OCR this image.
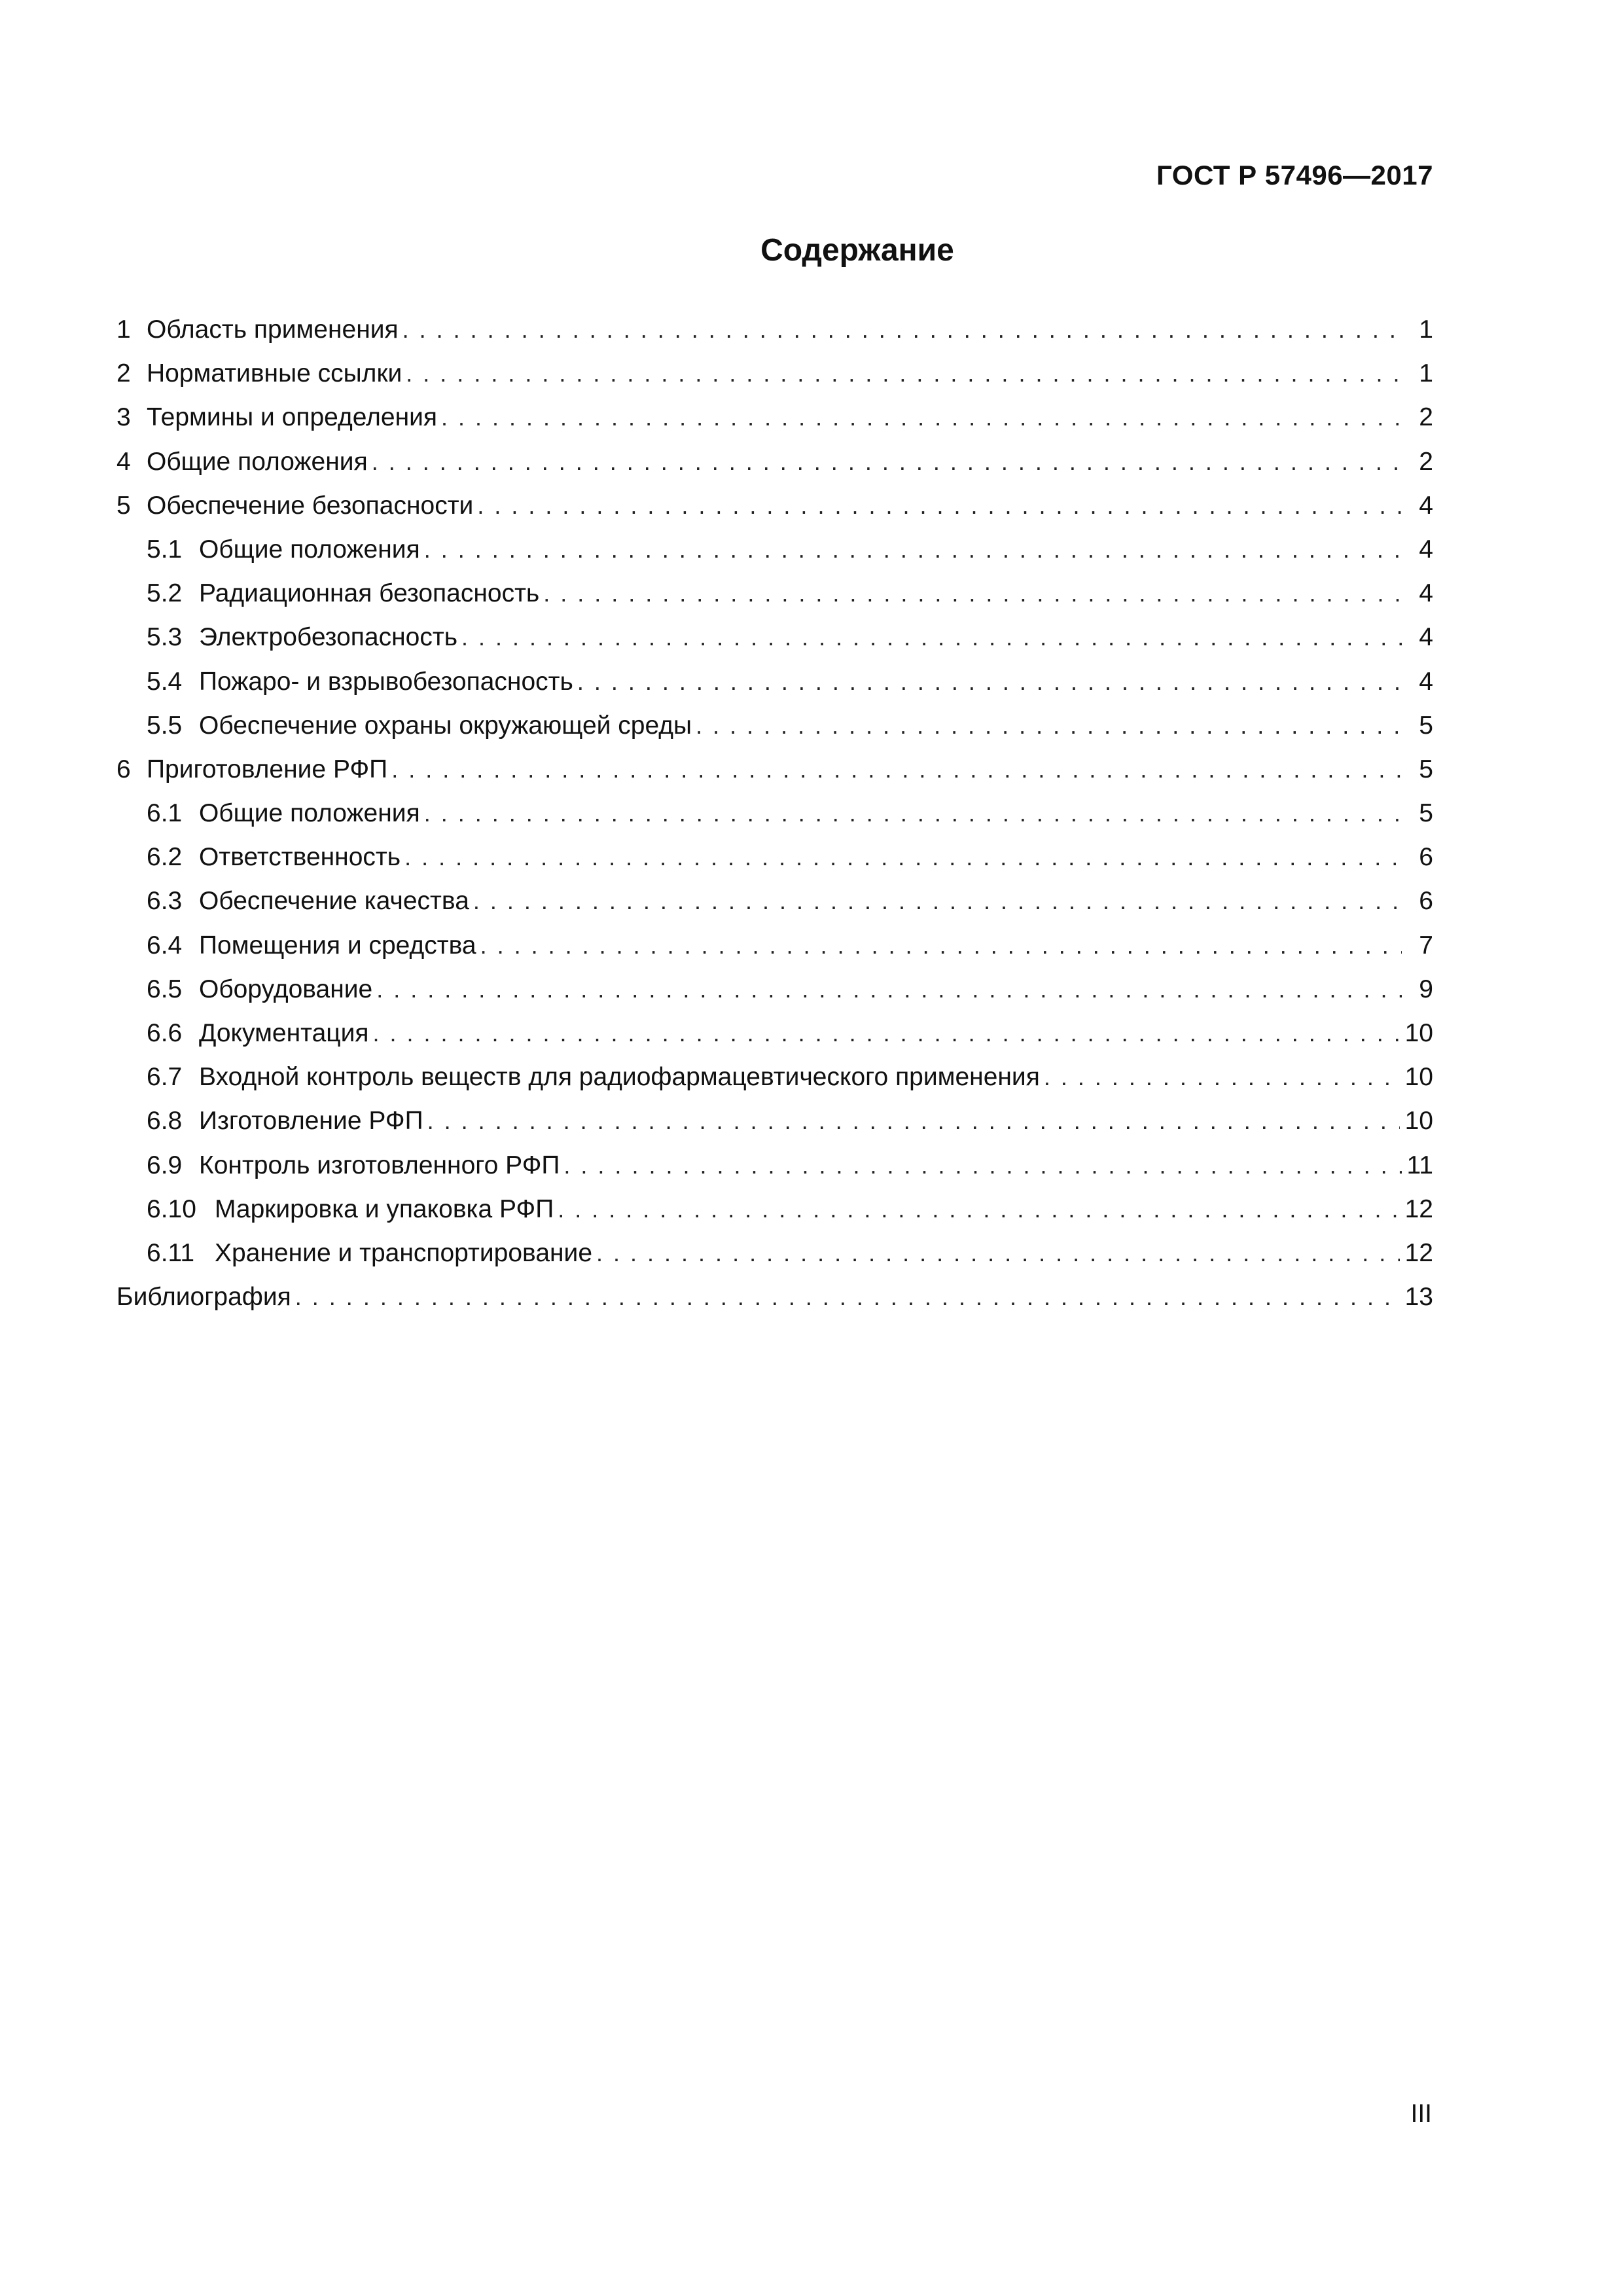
ГОСТ Р 57496—2017
Содержание
1 Область применения . . .	1
2 Нормативные ссылки . . .	1
3 Термины и определения . . .	2
4 Общие положения . . .	2
5 Обеспечение безопасности . . .	4
5.1 Общие положения . . .	4
5.2 Радиационная безопасность . . .	4
5.3 Электробезопасность . . .	4
5.4 Пожаро- и взрывобезопасность . . .	4
5.5 Обеспечение охраны окружающей среды . . .	5
6 Приготовление РФП . . .	5
6.1 Общие положения . . .	5
6.2 Ответственность . . .	6
6.3 Обеспечение качества . . .	6
6.4 Помещения и средства . . .	7
6.5 Оборудование . . .	9
6.6 Документация . . .	10
6.7 Входной контроль веществ для радиофармацевтического применения . . .	10
6.8 Изготовление РФП . . .	10
6.9 Контроль изготовленного РФП . . .	11
6.10 Маркировка и упаковка РФП . . .	12
6.11 Хранение и транспортирование . . .	12
Библиография . . .	13
III
